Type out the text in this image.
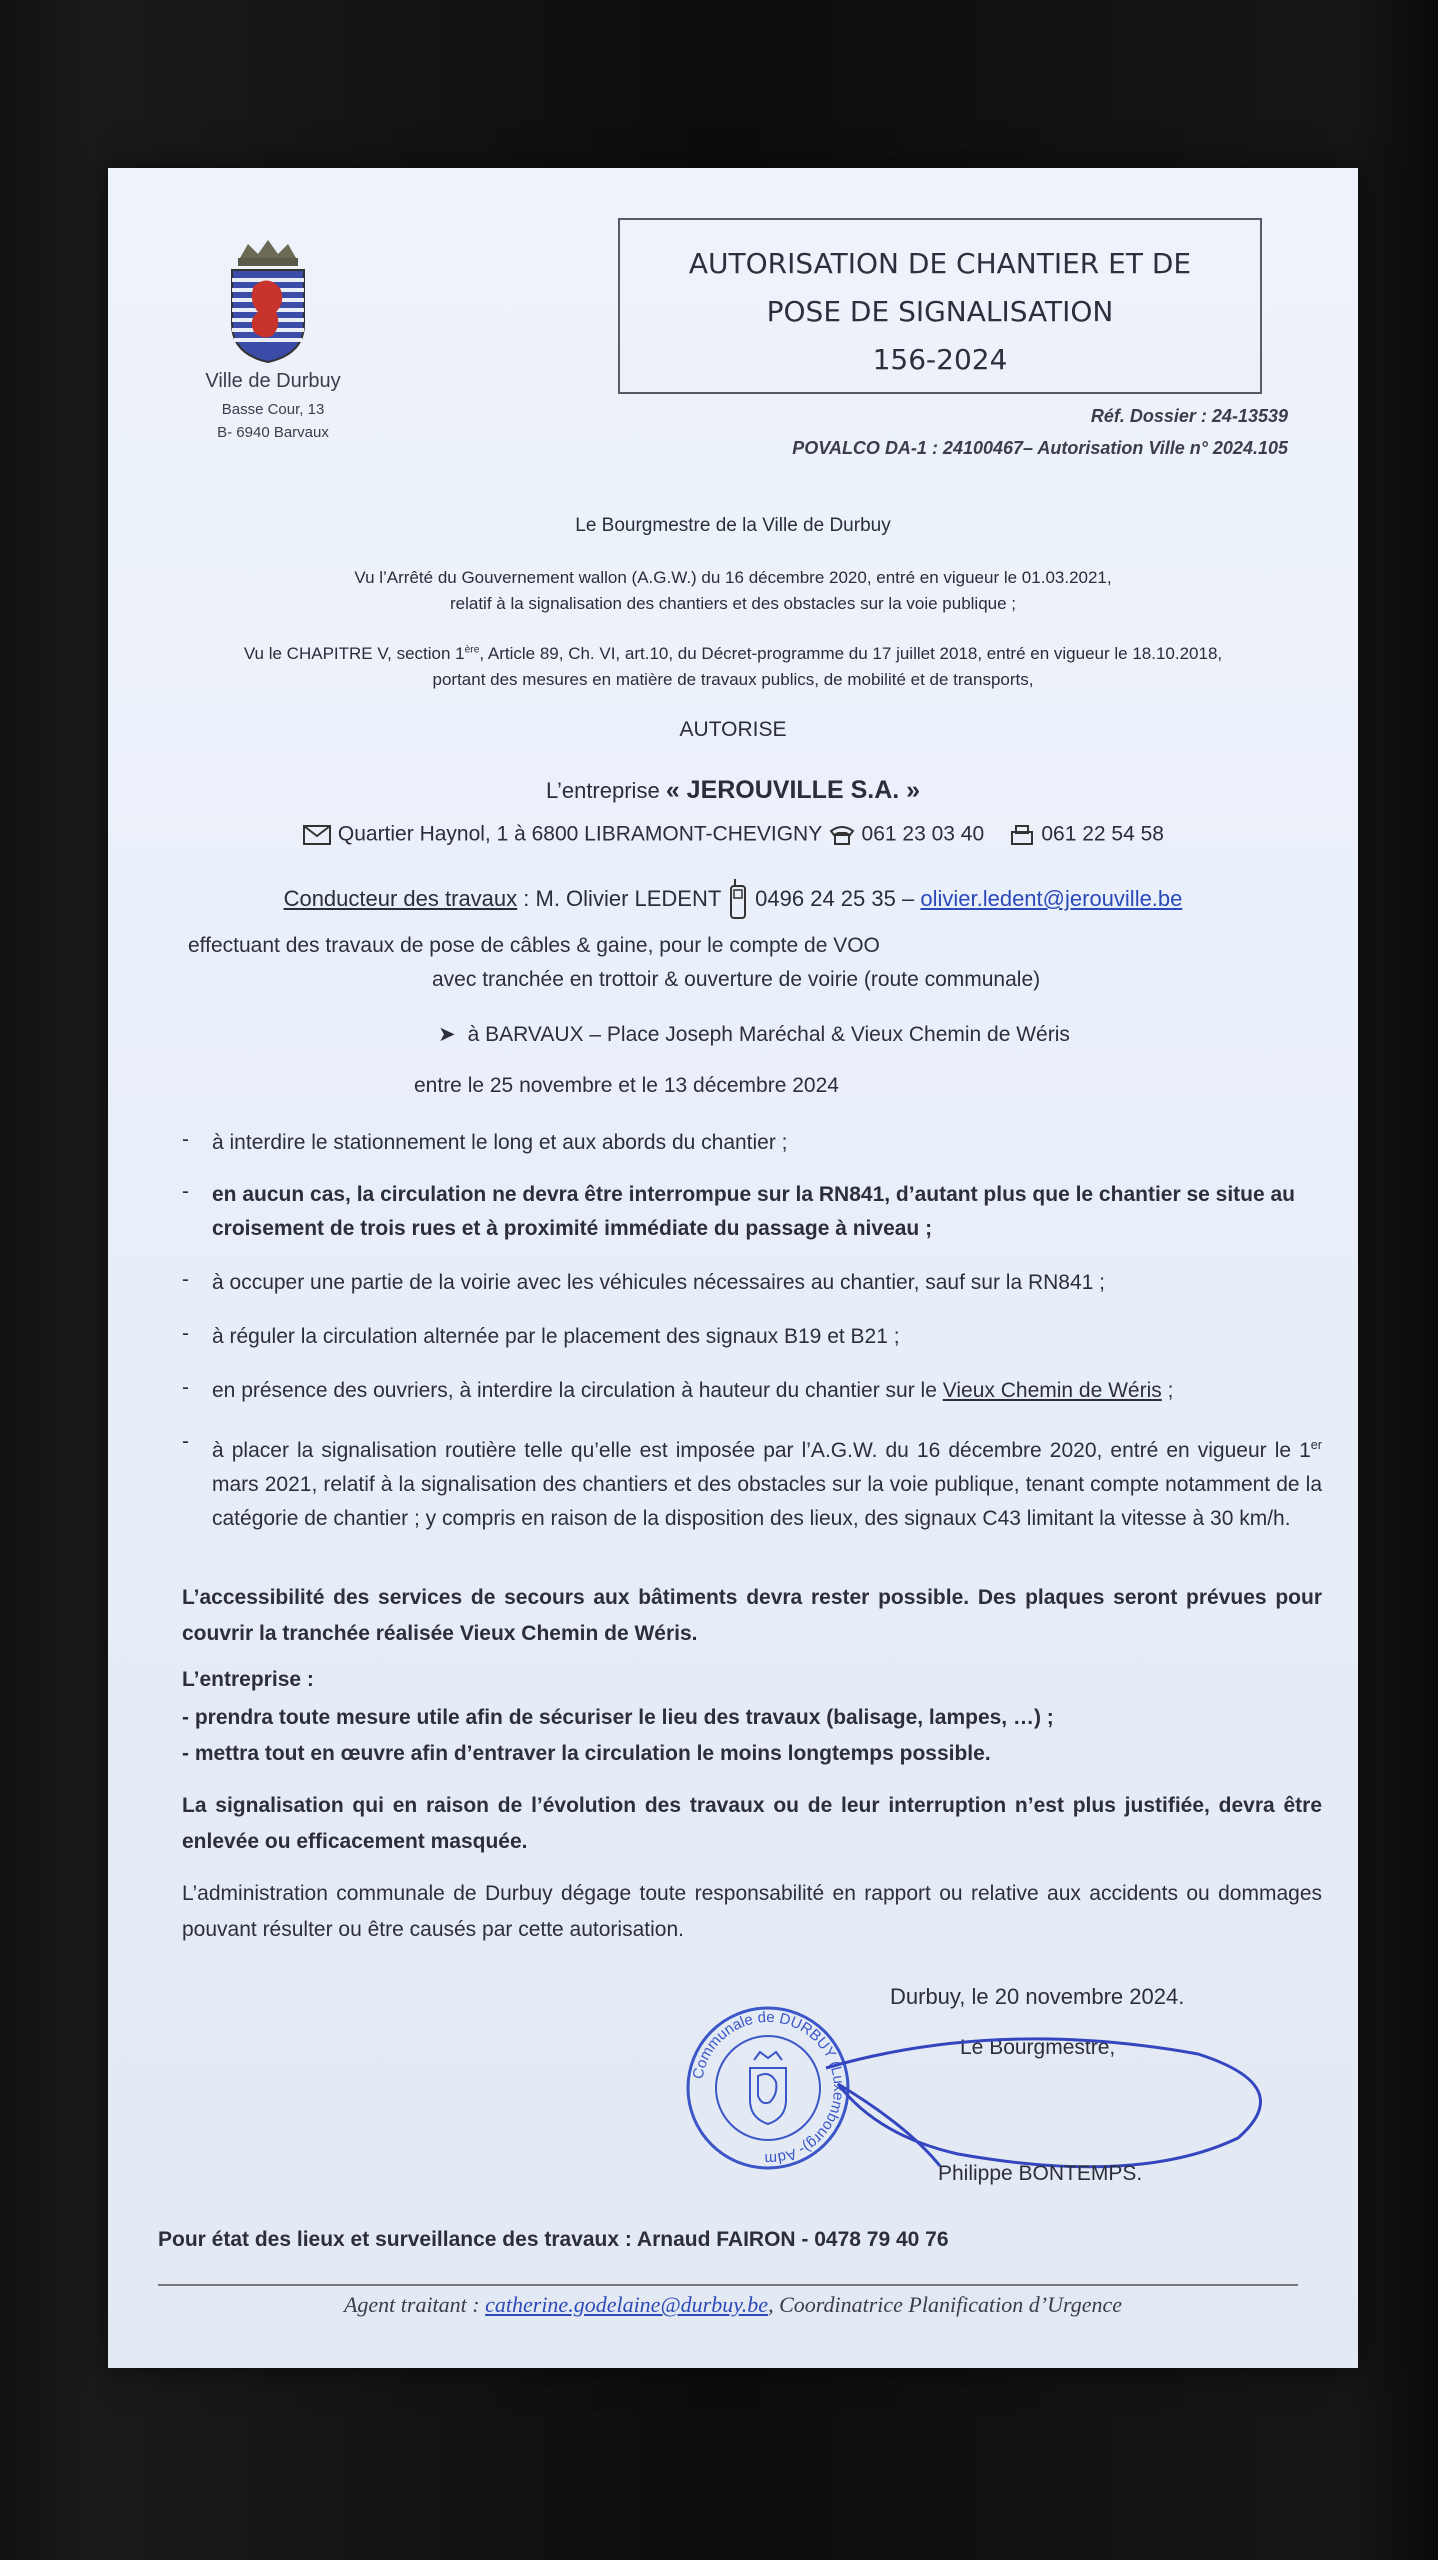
Ville de Durbuy
Basse Cour, 13
B- 6940 Barvaux
AUTORISATION DE CHANTIER ET DE
POSE DE SIGNALISATION
156-2024
Réf. Dossier : 24-13539
POVALCO DA-1 : 24100467– Autorisation Ville n° 2024.105
Le Bourgmestre de la Ville de Durbuy
Vu l’Arrêté du Gouvernement wallon (A.G.W.) du 16 décembre 2020, entré en vigueur le 01.03.2021,
relatif à la signalisation des chantiers et des obstacles sur la voie publique ;
Vu le CHAPITRE V, section 1ère, Article 89, Ch. VI, art.10, du Décret-programme du 17 juillet 2018, entré en vigueur le 18.10.2018,
portant des mesures en matière de travaux publics, de mobilité et de transports,
AUTORISE
L’entreprise « JEROUVILLE S.A. »
Quartier Haynol, 1 à 6800 LIBRAMONT-CHEVIGNY 061 23 03 40	061 22 54 58
Conducteur des travaux : M. Olivier LEDENT 0496 24 25 35 – olivier.ledent@jerouville.be
effectuant des travaux de pose de câbles & gaine, pour le compte de VOO
avec tranchée en trottoir & ouverture de voirie (route communale)
➤ à BARVAUX – Place Joseph Maréchal & Vieux Chemin de Wéris
entre le 25 novembre et le 13 décembre 2024
- à interdire le stationnement le long et aux abords du chantier ;
- en aucun cas, la circulation ne devra être interrompue sur la RN841, d’autant plus que le chantier se situe au croisement de trois rues et à proximité immédiate du passage à niveau ;
- à occuper une partie de la voirie avec les véhicules nécessaires au chantier, sauf sur la RN841 ;
- à réguler la circulation alternée par le placement des signaux B19 et B21 ;
- en présence des ouvriers, à interdire la circulation à hauteur du chantier sur le Vieux Chemin de Wéris ;
- à placer la signalisation routière telle qu’elle est imposée par l’A.G.W. du 16 décembre 2020, entré en vigueur le 1er mars 2021, relatif à la signalisation des chantiers et des obstacles sur la voie publique, tenant compte notamment de la catégorie de chantier ; y compris en raison de la disposition des lieux, des signaux C43 limitant la vitesse à 30 km/h.
L’accessibilité des services de secours aux bâtiments devra rester possible. Des plaques seront prévues pour couvrir la tranchée réalisée Vieux Chemin de Wéris.
L’entreprise :
- prendra toute mesure utile afin de sécuriser le lieu des travaux (balisage, lampes, …) ;
- mettra tout en œuvre afin d’entraver la circulation le moins longtemps possible.
La signalisation qui en raison de l’évolution des travaux ou de leur interruption n’est plus justifiée, devra être enlevée ou efficacement masquée.
L’administration communale de Durbuy dégage toute responsabilité en rapport ou relative aux accidents ou dommages pouvant résulter ou être causés par cette autorisation.
Durbuy, le 20 novembre 2024.
Le Bourgmestre,
Communale de DURBUY (Luxembourg)- Adm
Philippe BONTEMPS.
Pour état des lieux et surveillance des travaux : Arnaud FAIRON - 0478 79 40 76
Agent traitant : catherine.godelaine@durbuy.be, Coordinatrice Planification d’Urgence
